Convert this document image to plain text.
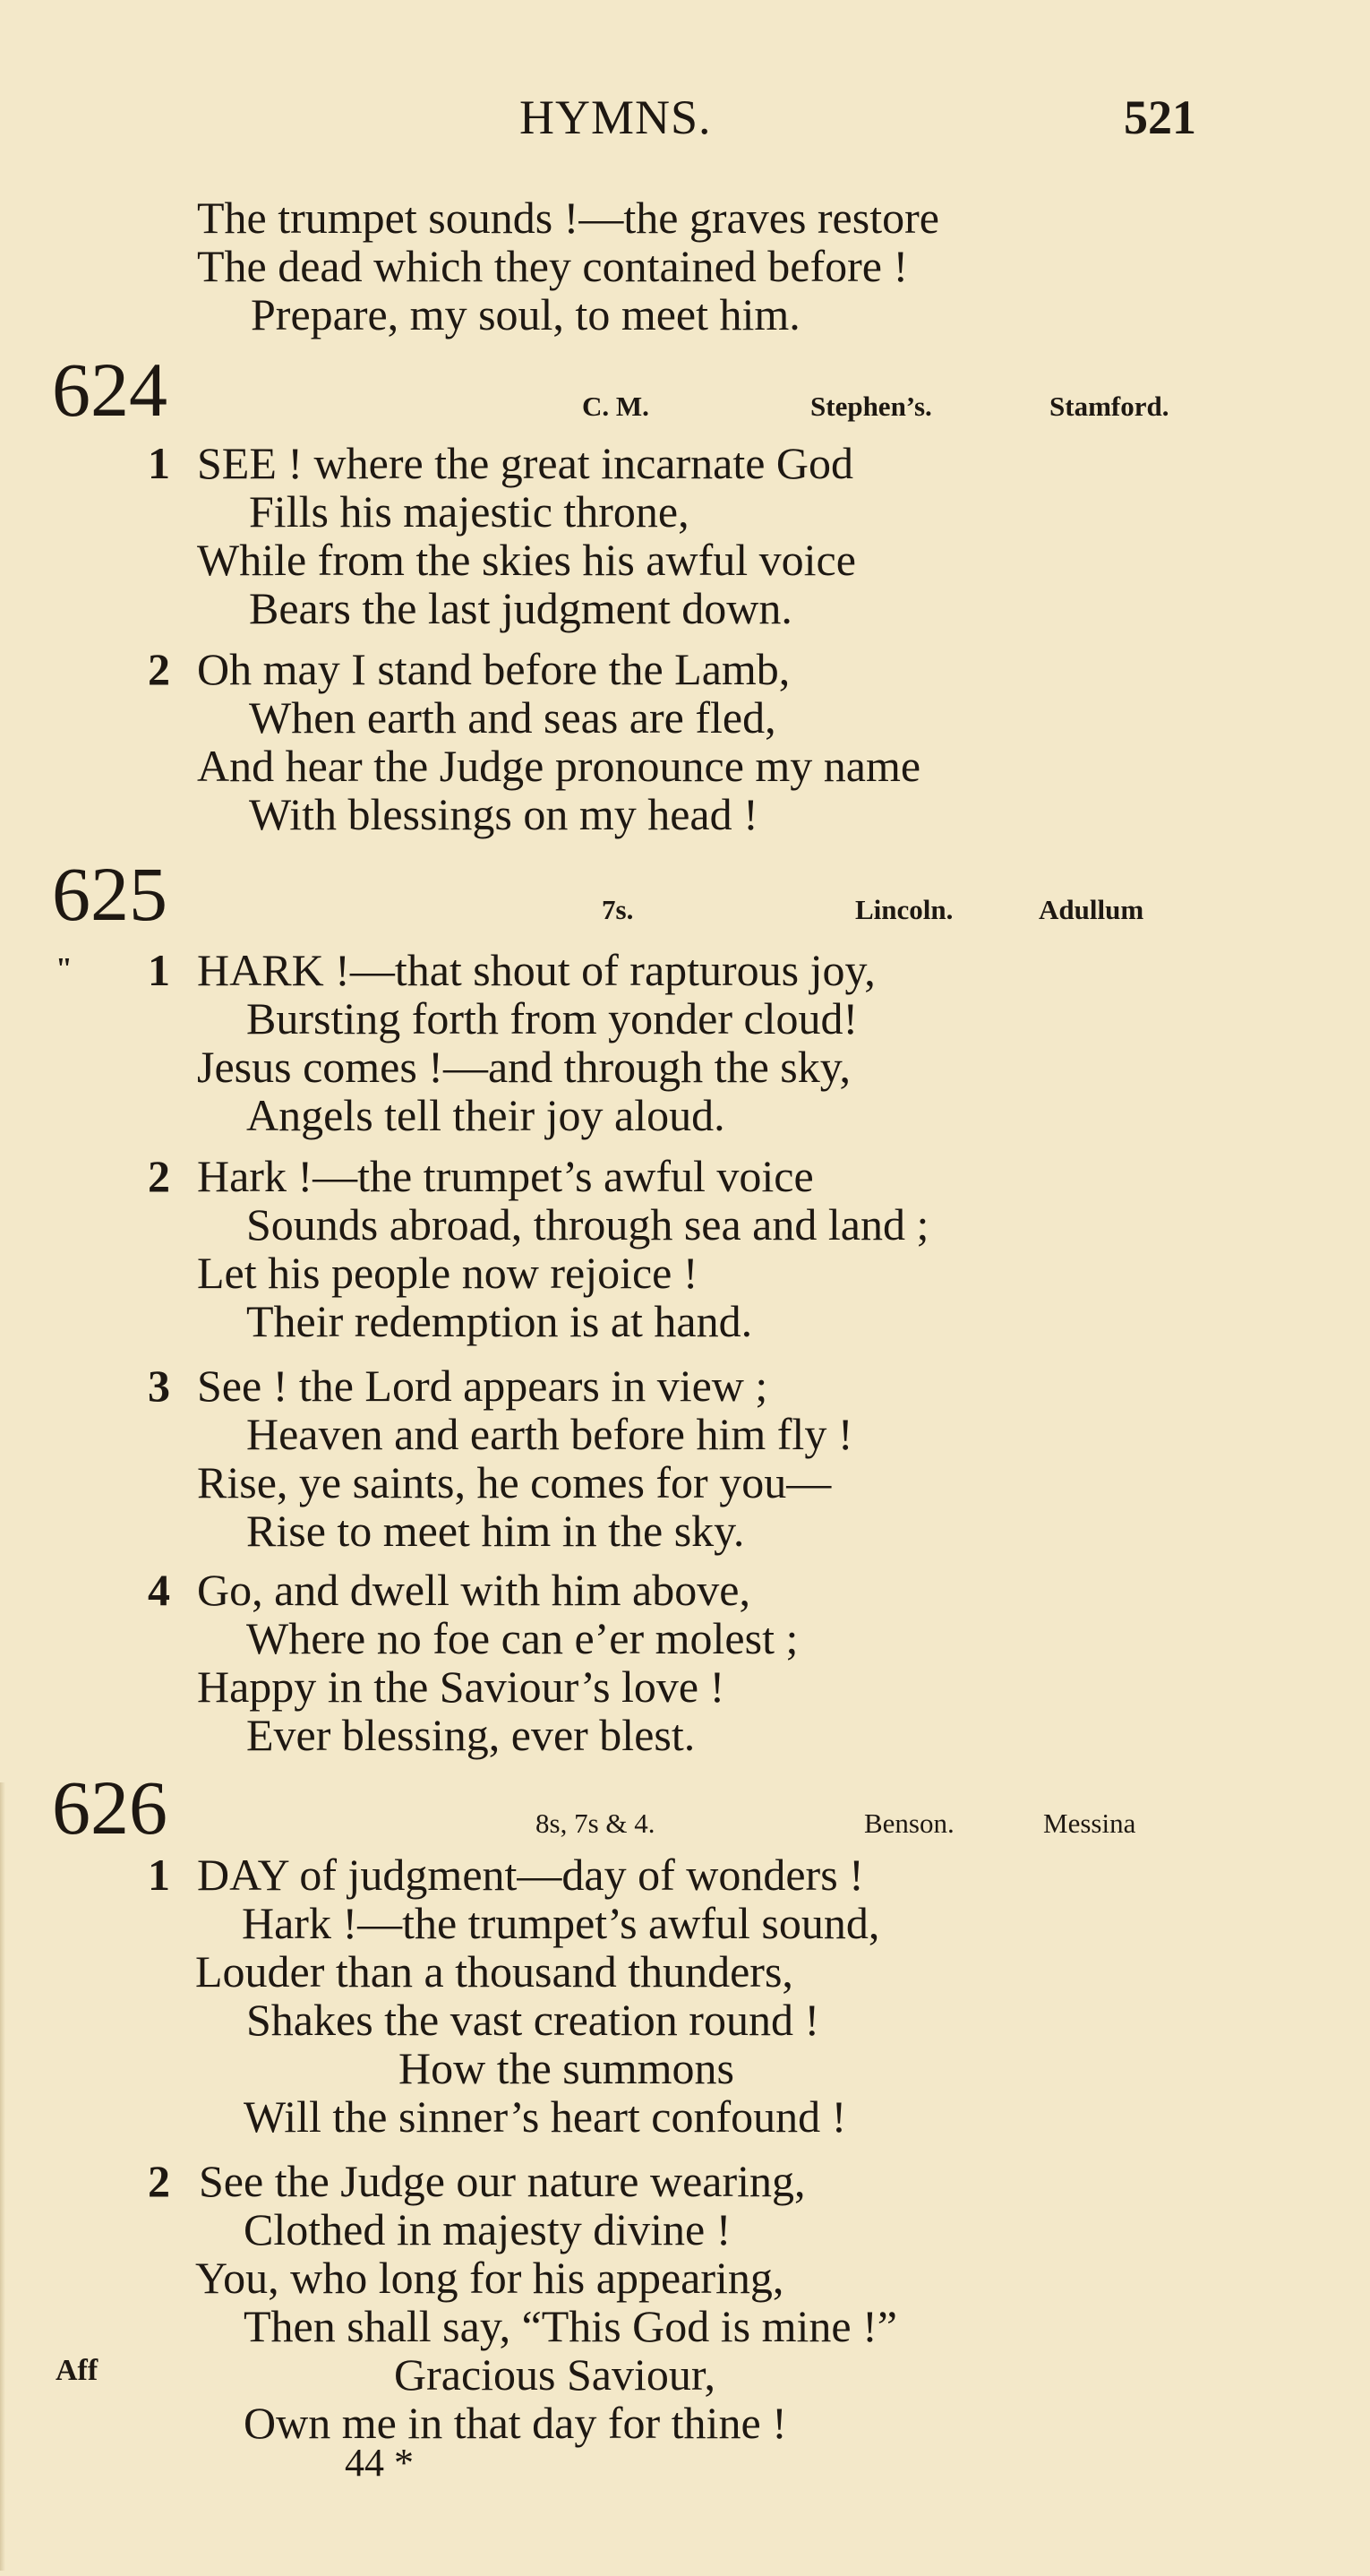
HYMNS.	521
The trumpet sounds !—the graves restore
The dead which they contained before !
Prepare, my soul, to meet him.
624	C. M.	Stephen’s.	Stamford.
1 SEE ! where the great incarnate God
Fills his majestic throne,
While from the skies his awful voice
Bears the last judgment down.
2 Oh may I stand before the Lamb,
When earth and seas are fled,
And hear the Judge pronounce my name
With blessings on my head !
625	7s.	Lincoln.	Adullum
" 1 HARK !—that shout of rapturous joy,
Bursting forth from yonder cloud!
Jesus comes !—and through the sky,
Angels tell their joy aloud.
2 Hark !—the trumpet’s awful voice
Sounds abroad, through sea and land ;
Let his people now rejoice !
Their redemption is at hand.
3 See ! the Lord appears in view ;
Heaven and earth before him fly !
Rise, ye saints, he comes for you—
Rise to meet him in the sky.
4 Go, and dwell with him above,
Where no foe can e’er molest ;
Happy in the Saviour’s love !
Ever blessing, ever blest.
626	8s, 7s & 4.	Benson.	Messina
1 DAY of judgment—day of wonders !
Hark !—the trumpet’s awful sound,
Louder than a thousand thunders,
Shakes the vast creation round !
How the summons
Will the sinner’s heart confound !
2 See the Judge our nature wearing,
Clothed in majesty divine !
You, who long for his appearing,
Then shall say, “This God is mine !”
Aff	Gracious Saviour,
Own me in that day for thine !
44 *
